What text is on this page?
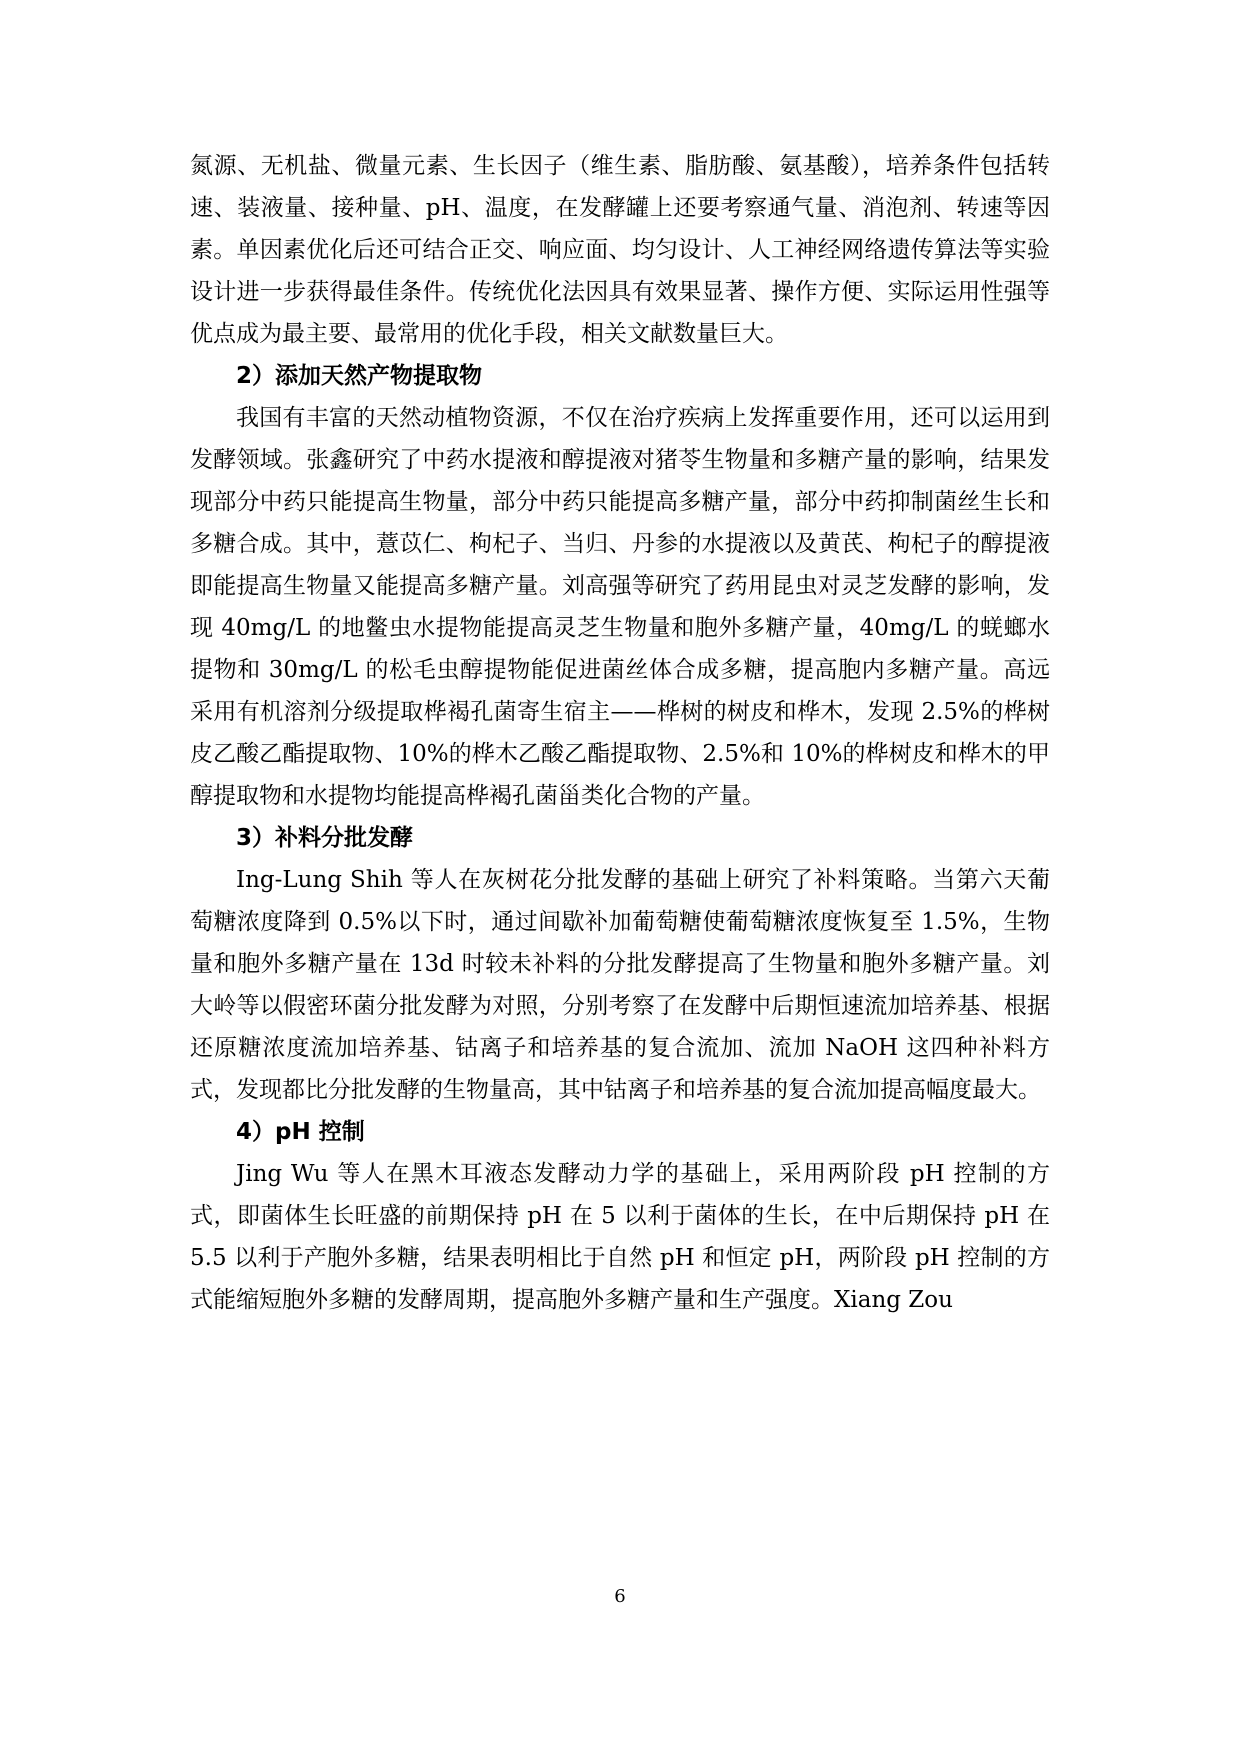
氮源、无机盐、微量元素、生长因子（维生素、脂肪酸、氨基酸），培养条件包括转速、装液量、接种量、pH、温度，在发酵罐上还要考察通气量、消泡剂、转速等因素。单因素优化后还可结合正交、响应面、均匀设计、人工神经网络遗传算法等实验设计进一步获得最佳条件。传统优化法因具有效果显著、操作方便、实际运用性强等优点成为最主要、最常用的优化手段，相关文献数量巨大。

2）添加天然产物提取物

我国有丰富的天然动植物资源，不仅在治疗疾病上发挥重要作用，还可以运用到发酵领域。张鑫研究了中药水提液和醇提液对猪苓生物量和多糖产量的影响，结果发现部分中药只能提高生物量，部分中药只能提高多糖产量，部分中药抑制菌丝生长和多糖合成。其中，薏苡仁、枸杞子、当归、丹参的水提液以及黄芪、枸杞子的醇提液即能提高生物量又能提高多糖产量。刘高强等研究了药用昆虫对灵芝发酵的影响，发现 40mg/L 的地鳖虫水提物能提高灵芝生物量和胞外多糖产量，40mg/L 的蜣螂水提物和 30mg/L 的松毛虫醇提物能促进菌丝体合成多糖，提高胞内多糖产量。高远采用有机溶剂分级提取桦褐孔菌寄生宿主——桦树的树皮和桦木，发现 2.5%的桦树皮乙酸乙酯提取物、10%的桦木乙酸乙酯提取物、2.5%和 10%的桦树皮和桦木的甲醇提取物和水提物均能提高桦褐孔菌甾类化合物的产量。

3）补料分批发酵

Ing-Lung Shih 等人在灰树花分批发酵的基础上研究了补料策略。当第六天葡萄糖浓度降到 0.5%以下时，通过间歇补加葡萄糖使葡萄糖浓度恢复至 1.5%，生物量和胞外多糖产量在 13d 时较未补料的分批发酵提高了生物量和胞外多糖产量。刘大岭等以假密环菌分批发酵为对照，分别考察了在发酵中后期恒速流加培养基、根据还原糖浓度流加培养基、钴离子和培养基的复合流加、流加 NaOH 这四种补料方式，发现都比分批发酵的生物量高，其中钴离子和培养基的复合流加提高幅度最大。

4）pH 控制

Jing Wu 等人在黑木耳液态发酵动力学的基础上，采用两阶段 pH 控制的方式，即菌体生长旺盛的前期保持 pH 在 5 以利于菌体的生长，在中后期保持 pH 在 5.5 以利于产胞外多糖，结果表明相比于自然 pH 和恒定 pH，两阶段 pH 控制的方式能缩短胞外多糖的发酵周期，提高胞外多糖产量和生产强度。Xiang Zou

6
